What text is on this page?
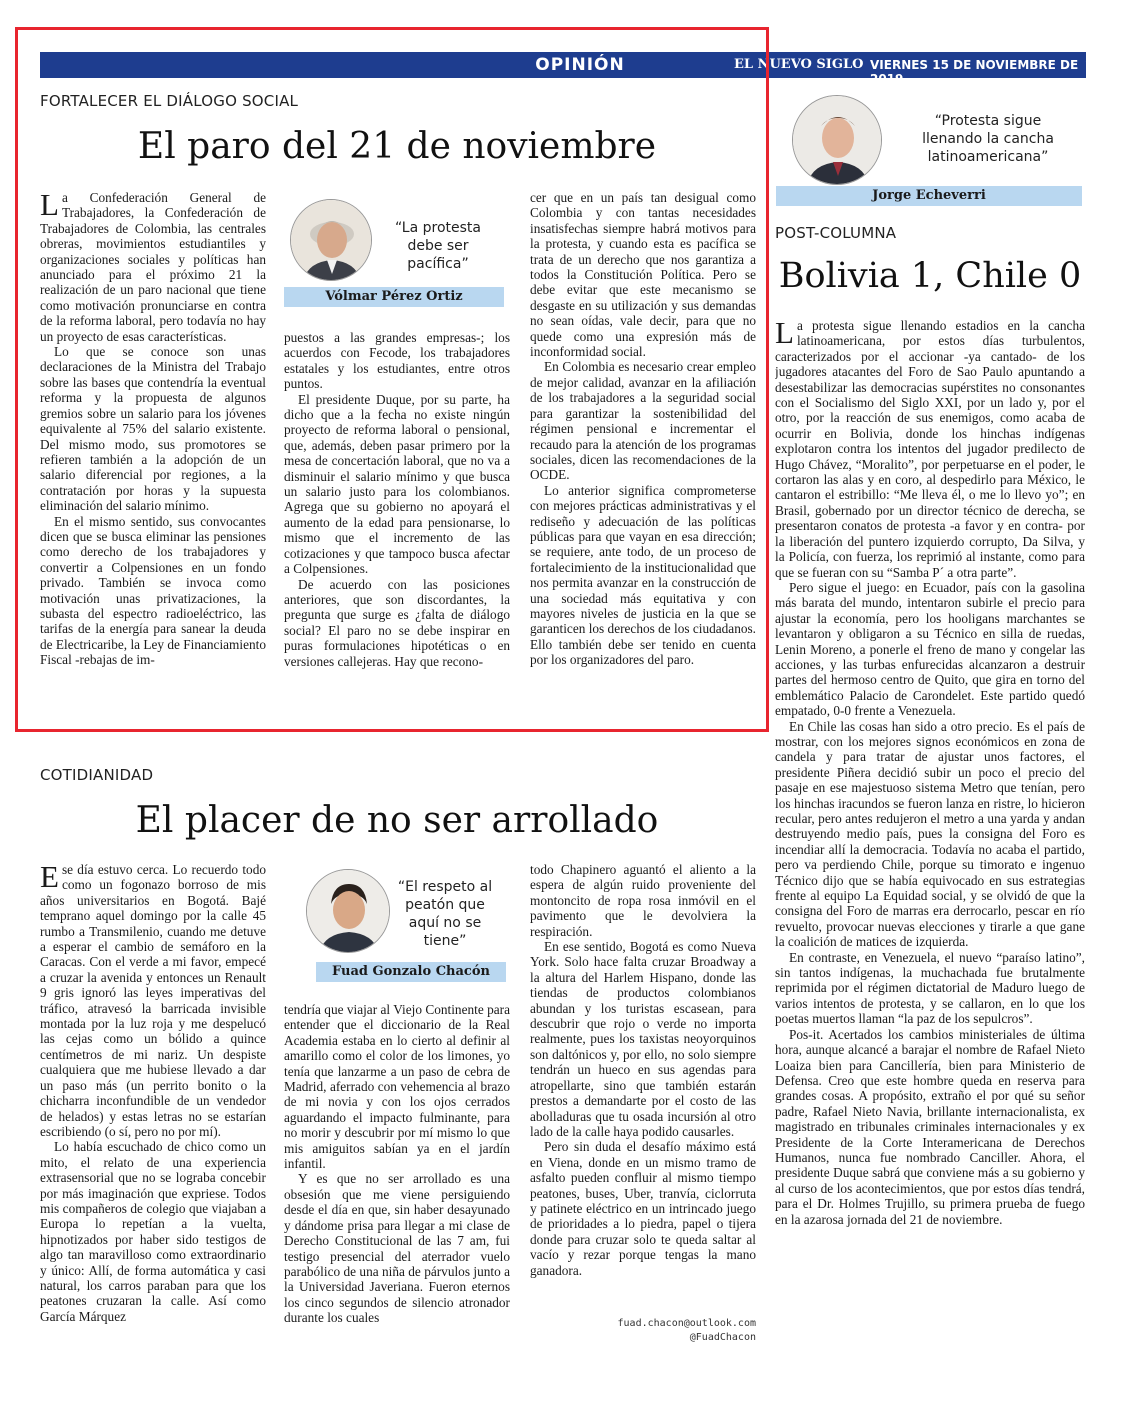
OPINIÓN	EL NUEVO SIGLO VIERNES 15 DE NOVIEMBRE DE 2019
9A
FORTALECER EL DIÁLOGO SOCIAL
El paro del 21 de noviembre

La Confederación General de Trabajadores, la Confederación de Trabajadores de Colombia, las centrales obreras, movimientos estudiantiles y organizaciones sociales y políticas han anunciado para el próximo 21 la realización de un paro nacional que tiene como motivación pronunciarse en contra de la reforma laboral, pero todavía no hay un proyecto de esas características.

Lo que se conoce son unas declaraciones de la Ministra del Trabajo sobre las bases que contendría la eventual reforma y la propuesta de algunos gremios sobre un salario para los jóvenes equivalente al 75% del salario existente. Del mismo modo, sus promotores se refieren también a la adopción de un salario diferencial por regiones, a la contratación por horas y la supuesta eliminación del salario mínimo.

En el mismo sentido, sus convocantes dicen que se busca eliminar las pensiones como derecho de los trabajadores y convertir a Colpensiones en un fondo privado. También se invoca como motivación unas privatizaciones, la subasta del espectro radioeléctrico, las tarifas de la energía para sanear la deuda de Electricaribe, la Ley de Financiamiento Fiscal -rebajas de im-

“La protesta debe ser pacífica”
Vólmar Pérez Ortiz

puestos a las grandes empresas-; los acuerdos con Fecode, los trabajadores estatales y los estudiantes, entre otros puntos.

El presidente Duque, por su parte, ha dicho que a la fecha no existe ningún proyecto de reforma laboral o pensional, que, además, deben pasar primero por la mesa de concertación laboral, que no va a disminuir el salario mínimo y que busca un salario justo para los colombianos. Agrega que su gobierno no apoyará el aumento de la edad para pensionarse, lo mismo que el incremento de las cotizaciones y que tampoco busca afectar a Colpensiones.

De acuerdo con las posiciones anteriores, que son discordantes, la pregunta que surge es ¿falta de diálogo social? El paro no se debe inspirar en puras formulaciones hipotéticas o en versiones callejeras. Hay que recono-

cer que en un país tan desigual como Colombia y con tantas necesidades insatisfechas siempre habrá motivos para la protesta, y cuando esta es pacífica se trata de un derecho que nos garantiza a todos la Constitución Política. Pero se debe evitar que este mecanismo se desgaste en su utilización y sus demandas no sean oídas, vale decir, para que no quede como una expresión más de inconformidad social.

En Colombia es necesario crear empleo de mejor calidad, avanzar en la afiliación de los trabajadores a la seguridad social para garantizar la sostenibilidad del régimen pensional e incrementar el recaudo para la atención de los programas sociales, dicen las recomendaciones de la OCDE.

Lo anterior significa comprometerse con mejores prácticas administrativas y el rediseño y adecuación de las políticas públicas para que vayan en esa dirección; se requiere, ante todo, de un proceso de fortalecimiento de la institucionalidad que nos permita avanzar en la construcción de una sociedad más equitativa y con mayores niveles de justicia en la que se garanticen los derechos de los ciudadanos. Ello también debe ser tenido en cuenta por los organizadores del paro.

“Protesta sigue llenando la cancha latinoamericana”
Jorge Echeverri
POST-COLUMNA
Bolivia 1, Chile 0

La protesta sigue llenando estadios en la cancha latinoamericana, por estos días turbulentos, caracterizados por el accionar -ya cantado- de los jugadores atacantes del Foro de Sao Paulo apuntando a desestabilizar las democracias supérstites no consonantes con el Socialismo del Siglo XXI, por un lado y, por el otro, por la reacción de sus enemigos, como acaba de ocurrir en Bolivia, donde los hinchas indígenas explotaron contra los intentos del jugador predilecto de Hugo Chávez, “Moralito”, por perpetuarse en el poder, le cortaron las alas y en coro, al despedirlo para México, le cantaron el estribillo: “Me lleva él, o me lo llevo yo”; en Brasil, gobernado por un director técnico de derecha, se presentaron conatos de protesta -a favor y en contra- por la liberación del puntero izquierdo corrupto, Da Silva, y la Policía, con fuerza, los reprimió al instante, como para que se fueran con su “Samba P´ a otra parte”.

Pero sigue el juego: en Ecuador, país con la gasolina más barata del mundo, intentaron subirle el precio para ajustar la economía, pero los hooligans marchantes se levantaron y obligaron a su Técnico en silla de ruedas, Lenin Moreno, a ponerle el freno de mano y congelar las acciones, y las turbas enfurecidas alcanzaron a destruir partes del hermoso centro de Quito, que gira en torno del emblemático Palacio de Carondelet. Este partido quedó empatado, 0-0 frente a Venezuela.

En Chile las cosas han sido a otro precio. Es el país de mostrar, con los mejores signos económicos en zona de candela y para tratar de ajustar unos factores, el presidente Piñera decidió subir un poco el precio del pasaje en ese majestuoso sistema Metro que tenían, pero los hinchas iracundos se fueron lanza en ristre, lo hicieron recular, pero antes redujeron el metro a una yarda y andan destruyendo medio país, pues la consigna del Foro es incendiar allí la democracia. Todavía no acaba el partido, pero va perdiendo Chile, porque su timorato e ingenuo Técnico dijo que se había equivocado en sus estrategias frente al equipo La Equidad social, y se olvidó de que la consigna del Foro de marras era derrocarlo, pescar en río revuelto, provocar nuevas elecciones y tirarle a que gane la coalición de matices de izquierda.

En contraste, en Venezuela, el nuevo “paraíso latino”, sin tantos indígenas, la muchachada fue brutalmente reprimida por el régimen dictatorial de Maduro luego de varios intentos de protesta, y se callaron, en lo que los poetas muertos llaman “la paz de los sepulcros”.

Pos-it. Acertados los cambios ministeriales de última hora, aunque alcancé a barajar el nombre de Rafael Nieto Loaiza bien para Cancillería, bien para Ministerio de Defensa. Creo que este hombre queda en reserva para grandes cosas. A propósito, extraño el por qué su señor padre, Rafael Nieto Navia, brillante internacionalista, ex magistrado en tribunales criminales internacionales y ex Presidente de la Corte Interamericana de Derechos Humanos, nunca fue nombrado Canciller. Ahora, el presidente Duque sabrá que conviene más a su gobierno y al curso de los acontecimientos, que por estos días tendrá, para el Dr. Holmes Trujillo, su primera prueba de fuego en la azarosa jornada del 21 de noviembre.

COTIDIANIDAD
El placer de no ser arrollado

Ese día estuvo cerca. Lo recuerdo todo como un fogonazo borroso de mis años universitarios en Bogotá. Bajé temprano aquel domingo por la calle 45 rumbo a Transmilenio, cuando me detuve a esperar el cambio de semáforo en la Caracas. Con el verde a mi favor, empecé a cruzar la avenida y entonces un Renault 9 gris ignoró las leyes imperativas del tráfico, atravesó la barricada invisible montada por la luz roja y me despelucó las cejas como un bólido a quince centímetros de mi nariz. Un despiste cualquiera que me hubiese llevado a dar un paso más (un perrito bonito o la chicharra inconfundible de un vendedor de helados) y estas letras no se estarían escribiendo (o sí, pero no por mí).

Lo había escuchado de chico como un mito, el relato de una experiencia extrasensorial que no se lograba concebir por más imaginación que expriese. Todos mis compañeros de colegio que viajaban a Europa lo repetían a la vuelta, hipnotizados por haber sido testigos de algo tan maravilloso como extraordinario y único: Allí, de forma automática y casi natural, los carros paraban para que los peatones cruzaran la calle. Así como García Márquez

“El respeto al peatón que aquí no se tiene”
Fuad Gonzalo Chacón

tendría que viajar al Viejo Continente para entender que el diccionario de la Real Academia estaba en lo cierto al definir al amarillo como el color de los limones, yo tenía que lanzarme a un paso de cebra de Madrid, aferrado con vehemencia al brazo de mi novia y con los ojos cerrados aguardando el impacto fulminante, para no morir y descubrir por mí mismo lo que mis amiguitos sabían ya en el jardín infantil.

Y es que no ser arrollado es una obsesión que me viene persiguiendo desde el día en que, sin haber desayunado y dándome prisa para llegar a mi clase de Derecho Constitucional de las 7 am, fui testigo presencial del aterrador vuelo parabólico de una niña de párvulos junto a la Universidad Javeriana. Fueron eternos los cinco segundos de silencio atronador durante los cuales

todo Chapinero aguantó el aliento a la espera de algún ruido proveniente del montoncito de ropa rosa inmóvil en el pavimento que le devolviera la respiración.

En ese sentido, Bogotá es como Nueva York. Solo hace falta cruzar Broadway a la altura del Harlem Hispano, donde las tiendas de productos colombianos abundan y los turistas escasean, para descubrir que rojo o verde no importa realmente, pues los taxistas neoyorquinos son daltónicos y, por ello, no solo siempre tendrán un hueco en sus agendas para atropellarte, sino que también estarán prestos a demandarte por el costo de las abolladuras que tu osada incursión al otro lado de la calle haya podido causarles.

Pero sin duda el desafío máximo está en Viena, donde en un mismo tramo de asfalto pueden confluir al mismo tiempo peatones, buses, Uber, tranvía, ciclorruta y patinete eléctrico en un intrincado juego de prioridades a lo piedra, papel o tijera donde para cruzar solo te queda saltar al vacío y rezar porque tengas la mano ganadora.

fuad.chacon@outlook.com
@FuadChacon
